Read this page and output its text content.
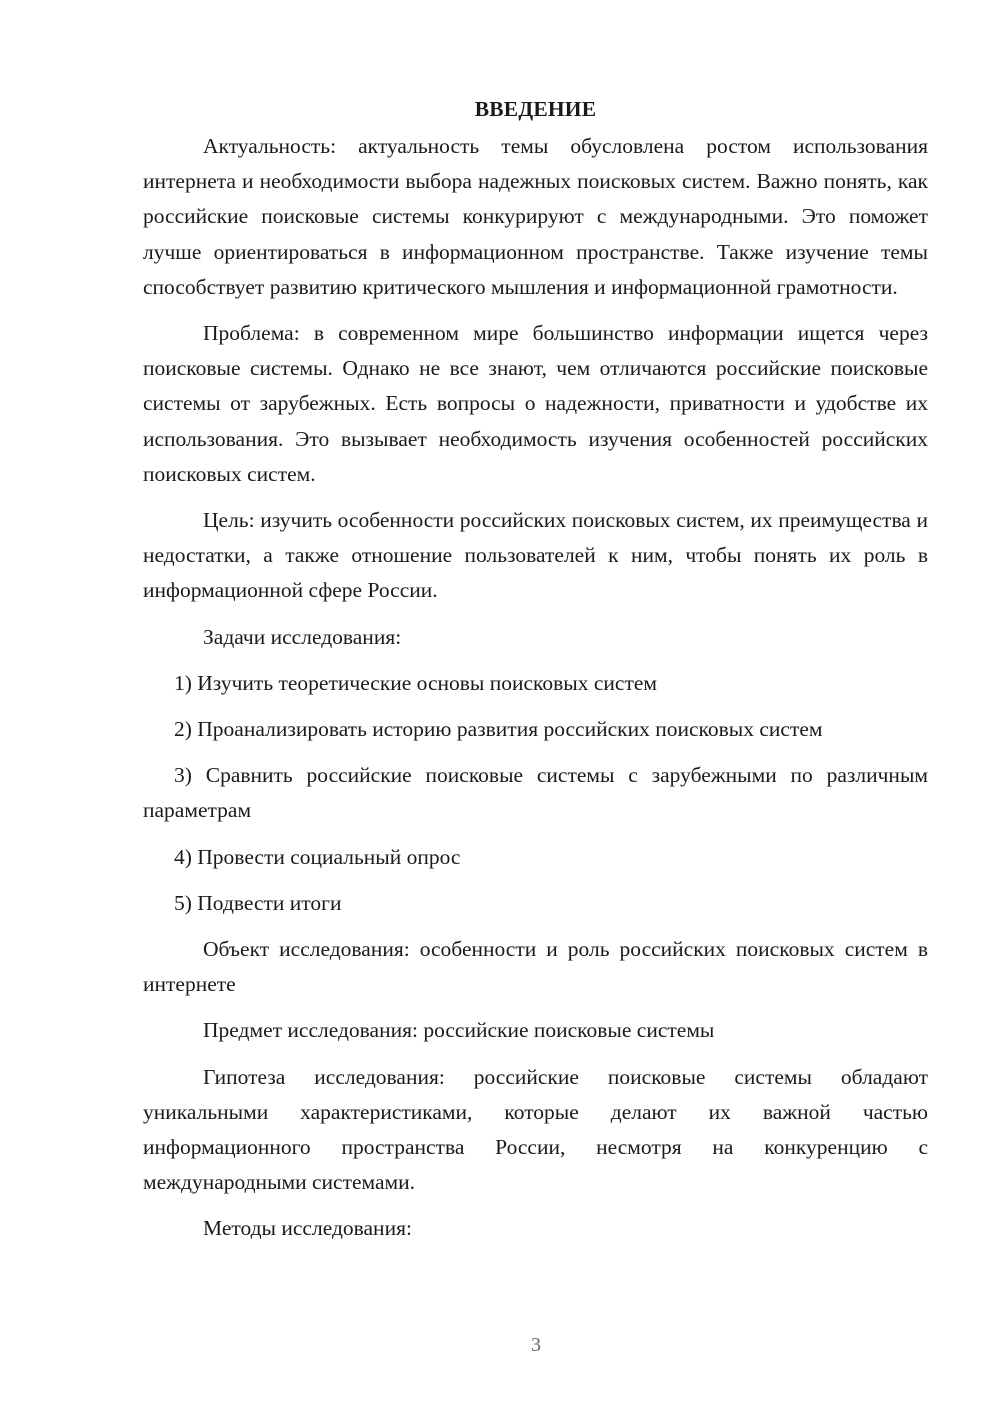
ВВЕДЕНИЕ

Актуальность: актуальность темы обусловлена ростом использования интернета и необходимости выбора надежных поисковых систем. Важно понять, как российские поисковые системы конкурируют с международными. Это поможет лучше ориентироваться в информационном пространстве. Также изучение темы способствует развитию критического мышления и информационной грамотности.

Проблема: в современном мире большинство информации ищется через поисковые системы. Однако не все знают, чем отличаются российские поисковые системы от зарубежных. Есть вопросы о надежности, приватности и удобстве их использования. Это вызывает необходимость изучения особенностей российских поисковых систем.

Цель: изучить особенности российских поисковых систем, их преимущества и недостатки, а также отношение пользователей к ним, чтобы понять их роль в информационной сфере России.

Задачи исследования:

1) Изучить теоретические основы поисковых систем

2) Проанализировать историю развития российских поисковых систем

3) Сравнить российские поисковые системы с зарубежными по различным параметрам

4) Провести социальный опрос

5) Подвести итоги

Объект исследования: особенности и роль российских поисковых систем в интернете

Предмет исследования: российские поисковые системы

Гипотеза исследования: российские поисковые системы обладают уникальными характеристиками, которые делают их важной частью информационного пространства России, несмотря на конкуренцию с международными системами.

Методы исследования:

3
